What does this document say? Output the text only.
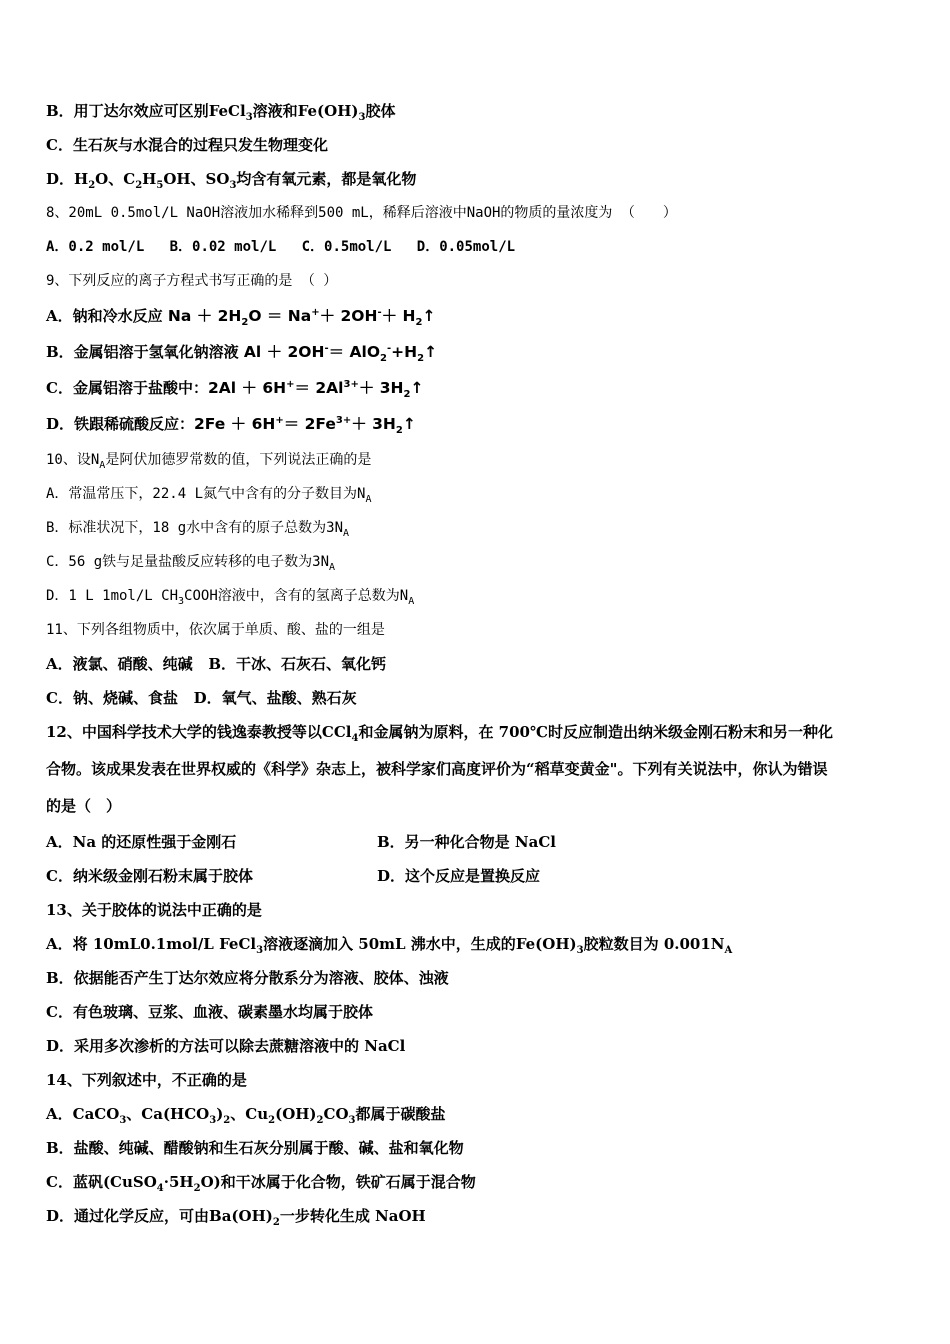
B．用丁达尔效应可区别FeCl$_3$溶液和$Fe(OH)_3$胶体
C．生石灰与水混合的过程只发生物理变化
D．$H_2O$、$C_2H_5OH$、$SO_3$均含有氧元素，都是氧化物
8、20mL 0.5mol/L NaOH溶液加水稀释到500 mL，稀释后溶液中NaOH的物质的量浓度为 （　　）
A．0.2 mol/L B．0.02 mol/L C．0.5mol/L D．0.05mol/L
9、下列反应的离子方程式书写正确的是 （ ）
A．钠和冷水反应 $Na + 2H_2O = Na^++ 2OH^-+$ $H_2↑$
B．金属铝溶于氢氧化钠溶液 $Al + 2OH^-= AlO_2^-+H_2↑$
C．金属铝溶于盐酸中：$2Al + 6H^+= 2Al^{3+}+$ $3H_2↑$
D．铁跟稀硫酸反应：$2Fe + 6H^+= 2Fe^{3+}+$ $3H_2↑$
10、设$N_A$是阿伏加德罗常数的值，下列说法正确的是
A．常温常压下，22.4 L氮气中含有的分子数目为$N_A$
B．标准状况下，18 g水中含有的原子总数为$3N_A$
C．56 g铁与足量盐酸反应转移的电子数为$3N_A$
D．1 L 1mol/L $CH_3COOH$溶液中，含有的氢离子总数为$N_A$
11、下列各组物质中，依次属于单质、酸、盐的一组是
A．液氯、硝酸、纯碱 B．干冰、石灰石、氧化钙
C．钠、烧碱、食盐 D．氧气、盐酸、熟石灰
12、中国科学技术大学的钱逸泰教授等以CCl$_4$和金属钠为原料，在 700℃时反应制造出纳米级金刚石粉末和另一种化
合物。该成果发表在世界权威的《科学》杂志上，被科学家们高度评价为“稻草变黄金"。下列有关说法中，你认为错误
的是（　）
A．Na 的还原性强于金刚石	B．另一种化合物是 NaCl
C．纳米级金刚石粉末属于胶体	D．这个反应是置换反应
13、关于胶体的说法中正确的是
A．将 10mL0.1mol/L FeCl$_3$溶液逐滴加入 50mL 沸水中，生成的$Fe(OH)_3$胶粒数目为 $0.001N_A$
B．依据能否产生丁达尔效应将分散系分为溶液、胶体、浊液
C．有色玻璃、豆浆、血液、碳素墨水均属于胶体
D．采用多次渗析的方法可以除去蔗糖溶液中的 NaCl
14、下列叙述中，不正确的是
A．CaCO$_3$、$Ca(HCO_3)_2$、$Cu_2(OH)_2CO_3$都属于碳酸盐
B．盐酸、纯碱、醋酸钠和生石灰分别属于酸、碱、盐和氧化物
C．蓝矾$(CuSO_4\cdot 5H_2O)$和干冰属于化合物，铁矿石属于混合物
D．通过化学反应，可由$Ba(OH)_2$一步转化生成 NaOH
